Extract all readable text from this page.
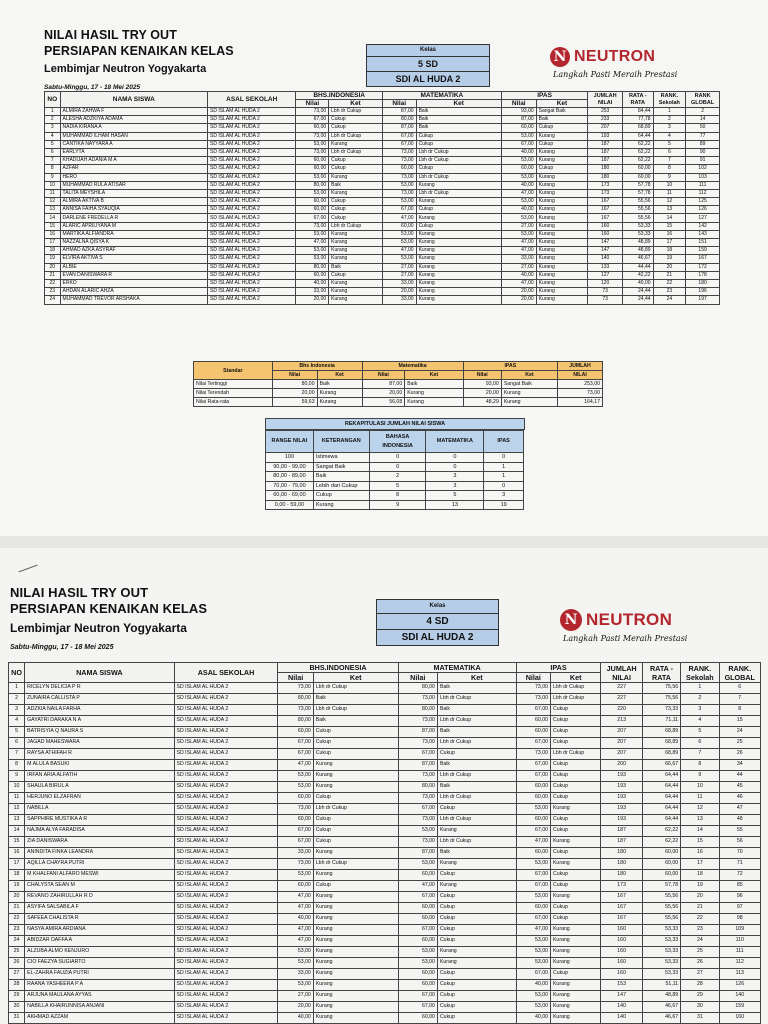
NILAI HASIL TRY OUT
PERSIAPAN KENAIKAN KELAS
Lembimjar Neutron Yogyakarta
Sabtu-Minggu, 17 - 18 Mei 2025
Kelas
5 SD
SDI AL HUDA 2
N NEUTRON
Langkah Pasti Meraih Prestasi
NO	NAMA SISWA	ASAL SEKOLAH	BHS.INDONESIA		MATEMATIKA		IPAS		JUMLAH NILAI	RATA - RATA	RANK. Sekolah	RANK GLOBAL
			Nilai	Ket	Nilai	Ket	Nilai	Ket				
1	ALMIRA ZAHWA F	SD ISLAM AL HUDA 2	73,00	Lbh dr Cukup	87,00	Baik	93,00	Sangat Baik	253	84,44	1	2
2	ALESHA ADZKIYA ADAMA	SD ISLAM AL HUDA 2	67,00	Cukup	80,00	Baik	87,00	Baik	233	77,78	2	14
3	NADIA KIRANA A	SD ISLAM AL HUDA 2	60,00	Cukup	87,00	Baik	60,00	Cukup	207	68,89	3	50
4	MUHAMMAD ILHAM HASAN	SD ISLAM AL HUDA 2	73,00	Lbh dr Cukup	67,00	Cukup	53,00	Kurang	193	64,44	4	77
5	CANTIKA NAYYARA A	SD ISLAM AL HUDA 2	53,00	Kurang	67,00	Cukup	67,00	Cukup	187	62,22	5	89
6	EARLYTA	SD ISLAM AL HUDA 2	73,00	Lbh dr Cukup	73,00	Lbh dr Cukup	40,00	Kurang	187	62,22	6	90
7	KHADIJAH ADANIA M A	SD ISLAM AL HUDA 2	60,00	Cukup	73,00	Lbh dr Cukup	53,00	Kurang	187	62,22	7	91
8	AZFAR	SD ISLAM AL HUDA 2	60,00	Cukup	60,00	Cukup	60,00	Cukup	180	60,00	8	102
9	HERO	SD ISLAM AL HUDA 2	53,00	Kurang	73,00	Lbh dr Cukup	53,00	Kurang	180	60,00	9	103
10	MUHAMMAD RULA ATISAR	SD ISLAM AL HUDA 2	80,00	Baik	53,00	Kurang	40,00	Kurang	173	57,78	10	111
11	TALITA MEYSHILA	SD ISLAM AL HUDA 2	53,00	Kurang	73,00	Lbh dr Cukup	47,00	Kurang	173	57,78	11	112
12	ALMIRA AKTIVA B	SD ISLAM AL HUDA 2	60,00	Cukup	53,00	Kurang	53,00	Kurang	167	55,56	12	125
13	ANNISA FAIHA SYAUQIA	SD ISLAM AL HUDA 2	60,00	Cukup	67,00	Cukup	40,00	Kurang	167	55,56	13	126
14	DARLENE FREDELLA R	SD ISLAM AL HUDA 2	67,00	Cukup	47,00	Kurang	53,00	Kurang	167	55,56	14	127
15	ALARIC APRILIYANA M	SD ISLAM AL HUDA 2	73,00	Lbh dr Cukup	60,00	Cukup	27,00	Kurang	160	53,33	15	142
16	MARTIKA ALFIANDRA	SD ISLAM AL HUDA 2	53,00	Kurang	53,00	Kurang	53,00	Kurang	160	53,33	16	143
17	NAZZALNA QISYA K	SD ISLAM AL HUDA 2	47,00	Kurang	53,00	Kurang	47,00	Kurang	147	48,89	17	151
18	AHMAD AZKA ASYRAF	SD ISLAM AL HUDA 2	53,00	Kurang	47,00	Kurang	47,00	Kurang	147	48,89	18	159
19	ELVIRA AKTIVA S	SD ISLAM AL HUDA 2	53,00	Kurang	53,00	Kurang	33,00	Kurang	140	46,67	19	167
20	ALBIE	SD ISLAM AL HUDA 2	80,00	Baik	27,00	Kurang	27,00	Kurang	133	44,44	20	172
21	EVAN DANISWARA R	SD ISLAM AL HUDA 2	60,00	Cukup	27,00	Kurang	40,00	Kurang	127	42,22	21	178
22	ERKO	SD ISLAM AL HUDA 2	40,00	Kurang	33,00	Kurang	47,00	Kurang	120	40,00	22	180
23	AHDAN ALARIC AHZA	SD ISLAM AL HUDA 2	33,00	Kurang	20,00	Kurang	20,00	Kurang	73	24,44	23	196
24	MUHAMMAD TREVOR ARSHAKA	SD ISLAM AL HUDA 2	20,00	Kurang	33,00	Kurang	20,00	Kurang	73	24,44	24	197
Standar	Bhs Indonesia		Matematika		IPAS		JUMLAH
	Nilai	Ket	Nilai	Ket	Nilai	Ket	NILAI
Nilai Tertinggi	80,00	Baik	87,00	Baik	93,00	Sangat Baik	253,00
Nilai Terendah	20,00	Kurang	20,00	Kurang	20,00	Kurang	73,00
Nilai Rata-rata	59,63	Kurang	56,08	Kurang	48,29	Kurang	164,17
REKAPITULASI JUMLAH NILAI SISWA
RANGE NILAI	KETERANGAN	BAHASA INDONESIA	MATEMATIKA	IPAS
100	Istimewa	0	0	0
90,00 - 99,00	Sangat Baik	0	0	1
80,00 - 89,00	Baik	2	3	1
70,00 - 79,00	Lebih dari Cukup	5	3	0
60,00 - 69,00	Cukup	8	5	3
0,00 - 59,00	Kurang	9	13	19
NILAI HASIL TRY OUT
PERSIAPAN KENAIKAN KELAS
Lembimjar Neutron Yogyakarta
Sabtu-Minggu, 17 - 18 Mei 2025
Kelas
4 SD
SDI AL HUDA 2
N NEUTRON
Langkah Pasti Meraih Prestasi
NO	NAMA SISWA	ASAL SEKOLAH	BHS.INDONESIA		MATEMATIKA		IPAS		JUMLAH NILAI	RATA - RATA	RANK. Sekolah	RANK. GLOBAL
			Nilai	Ket	Nilai	Ket	Nilai	Ket				
1	RICELYN DELICIA P R	SD ISLAM AL HUDA 2	73,00	Lbh dr Cukup	80,00	Baik	73,00	Lbh dr Cukup	227	75,56	1	6
2	ZUNAIRA CALLISTA P	SD ISLAM AL HUDA 2	80,00	Baik	73,00	Lbh dr Cukup	73,00	Lbh dr Cukup	227	75,56	2	7
3	ADZKIA NAILA FARHA	SD ISLAM AL HUDA 2	73,00	Lbh dr Cukup	80,00	Baik	67,00	Cukup	220	73,33	3	8
4	GAYATRI DARAKA N A	SD ISLAM AL HUDA 2	80,00	Baik	73,00	Lbh dr Cukup	60,00	Cukup	213	71,11	4	15
5	BATRISYIA Q NAURA S	SD ISLAM AL HUDA 2	60,00	Cukup	87,00	Baik	60,00	Cukup	207	68,89	5	24
6	JAGAD MAHESWARA	SD ISLAM AL HUDA 2	67,00	Cukup	73,00	Lbh dr Cukup	67,00	Cukup	207	68,89	6	25
7	RAYSA ATHIFAH R	SD ISLAM AL HUDA 2	67,00	Cukup	67,00	Cukup	73,00	Lbh dr Cukup	207	68,89	7	26
8	M ALULA BASUKI	SD ISLAM AL HUDA 2	47,00	Kurang	87,00	Baik	67,00	Cukup	200	66,67	8	34
9	IRFAN ARIA ALFATIH	SD ISLAM AL HUDA 2	53,00	Kurang	73,00	Lbh dr Cukup	67,00	Cukup	193	64,44	9	44
10	SHAULA BIRUL A	SD ISLAM AL HUDA 2	53,00	Kurang	80,00	Baik	60,00	Cukup	193	64,44	10	45
11	HERJUNO ELZAFRAN	SD ISLAM AL HUDA 2	60,00	Cukup	73,00	Lbh dr Cukup	60,00	Cukup	193	64,44	11	46
12	NABILLA	SD ISLAM AL HUDA 2	73,00	Lbh dr Cukup	67,00	Cukup	53,00	Kurang	193	64,44	12	47
13	SAPPHIRE MUSTIKA A R	SD ISLAM AL HUDA 2	60,00	Cukup	73,00	Lbh dr Cukup	60,00	Cukup	193	64,44	13	48
14	NAJMA ALYA FARADISA	SD ISLAM AL HUDA 2	67,00	Cukup	53,00	Kurang	67,00	Cukup	187	62,22	14	55
15	ZIA DANISWARA	SD ISLAM AL HUDA 2	67,00	Cukup	73,00	Lbh dr Cukup	47,00	Kurang	187	62,22	15	56
16	ANINDITA FINKA LEANDRA	SD ISLAM AL HUDA 2	33,00	Kurang	87,00	Baik	60,00	Cukup	180	60,00	16	70
17	AQILLA CHAYRA PUTRI	SD ISLAM AL HUDA 2	73,00	Lbh dr Cukup	53,00	Kurang	53,00	Kurang	180	60,00	17	71
18	M KHALFANI ALFARO MESWI	SD ISLAM AL HUDA 2	53,00	Kurang	60,00	Cukup	67,00	Cukup	180	60,00	18	72
19	CHALYSTA SEAN M	SD ISLAM AL HUDA 2	60,00	Cukup	47,00	Kurang	67,00	Cukup	173	57,78	19	85
20	REVANO ZAHIRULLAH R D	SD ISLAM AL HUDA 2	47,00	Kurang	67,00	Cukup	53,00	Kurang	167	55,56	20	96
21	ASYIFA SALSABILA F	SD ISLAM AL HUDA 2	47,00	Kurang	60,00	Cukup	60,00	Cukup	167	55,56	21	97
22	SAFEEA CHALISTA R	SD ISLAM AL HUDA 2	40,00	Kurang	60,00	Cukup	67,00	Cukup	167	55,56	22	98
23	NASYA AMIRA ARDIANA	SD ISLAM AL HUDA 2	47,00	Kurang	67,00	Cukup	47,00	Kurang	160	53,33	23	109
24	ABIDZAR DAFFA A	SD ISLAM AL HUDA 2	47,00	Kurang	60,00	Cukup	53,00	Kurang	160	53,33	24	110
25	ALZUBA ALMO KENJURO	SD ISLAM AL HUDA 2	53,00	Kurang	53,00	Kurang	53,00	Kurang	160	53,33	25	111
26	CIO FAEZYA SUGIARTO	SD ISLAM AL HUDA 2	53,00	Kurang	53,00	Kurang	53,00	Kurang	160	53,33	26	112
27	EL-ZAHRA FAUZIA PUTRI	SD ISLAM AL HUDA 2	33,00	Kurang	60,00	Cukup	67,00	Cukup	160	53,33	27	113
28	RAANA YASHEERA P A	SD ISLAM AL HUDA 2	53,00	Kurang	60,00	Cukup	40,00	Kurang	153	51,11	28	126
29	ARJUNA MAULANA AYYAS	SD ISLAM AL HUDA 2	27,00	Kurang	67,00	Cukup	53,00	Kurang	147	48,89	29	140
30	NABILLA KHAIRUNNISA ANJANI	SD ISLAM AL HUDA 2	20,00	Kurang	67,00	Cukup	53,00	Kurang	140	46,67	30	159
31	AKHMAD AZZAM	SD ISLAM AL HUDA 2	40,00	Kurang	60,00	Cukup	40,00	Kurang	140	46,67	31	160
